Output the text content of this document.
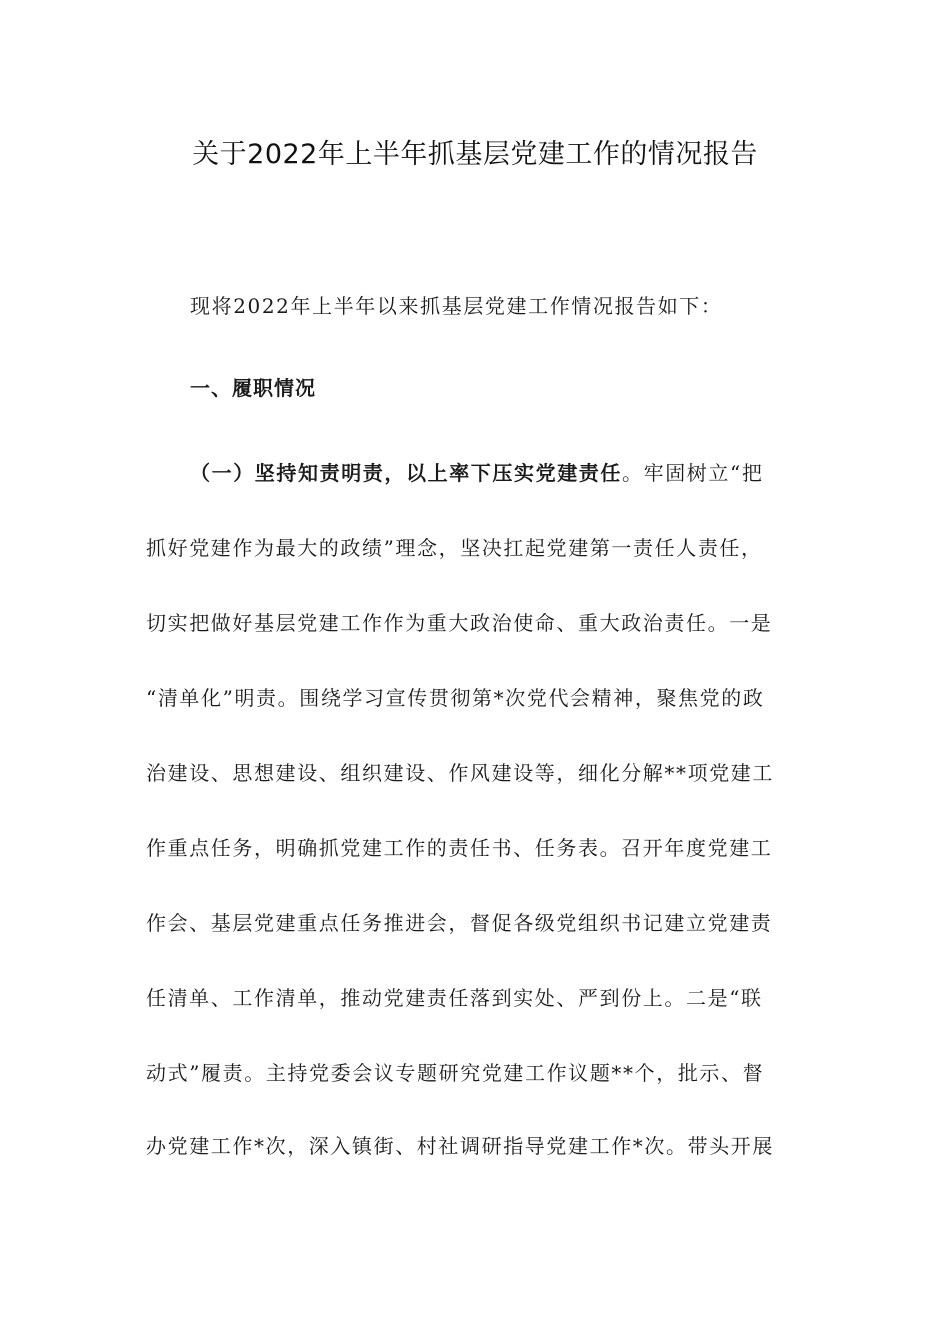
关于2022年上半年抓基层党建工作的情况报告
现将2022年上半年以来抓基层党建工作情况报告如下：
一、履职情况
（一）坚持知责明责，以上率下压实党建责任。牢固树立“把
抓好党建作为最大的政绩”理念，坚决扛起党建第一责任人责任，
切实把做好基层党建工作作为重大政治使命、重大政治责任。一是
“清单化”明责。围绕学习宣传贯彻第*次党代会精神，聚焦党的政
治建设、思想建设、组织建设、作风建设等，细化分解**项党建工
作重点任务，明确抓党建工作的责任书、任务表。召开年度党建工
作会、基层党建重点任务推进会，督促各级党组织书记建立党建责
任清单、工作清单，推动党建责任落到实处、严到份上。二是“联
动式”履责。主持党委会议专题研究党建工作议题**个，批示、督
办党建工作*次，深入镇街、村社调研指导党建工作*次。带头开展
